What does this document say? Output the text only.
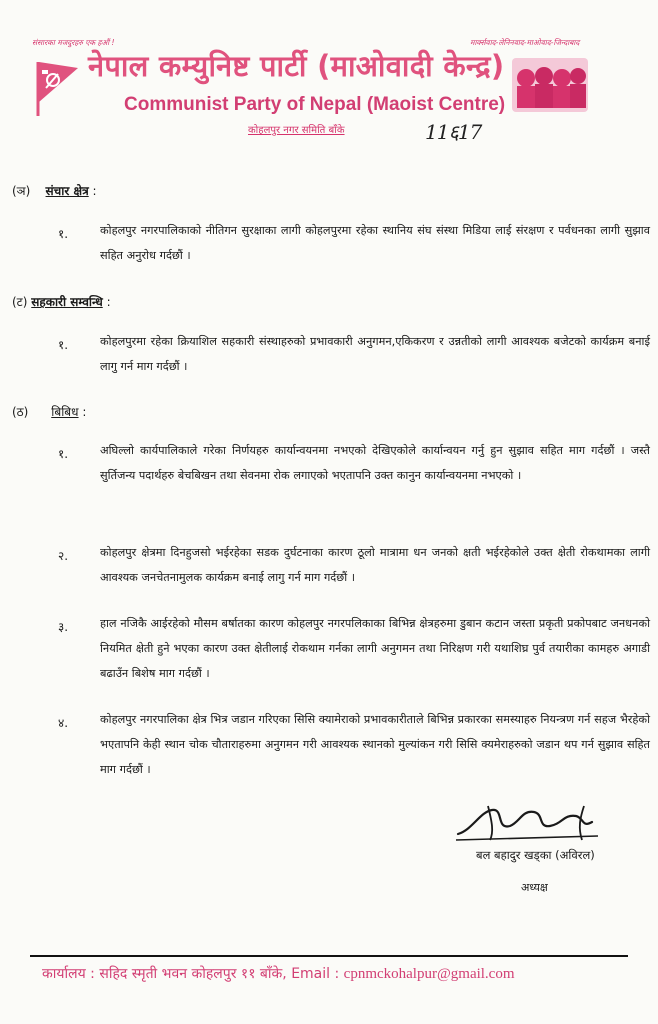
संसारका मजदुरहरु एक हऔं !	मार्क्सवाद-लेनिनवाद-माओवाद-जिन्दाबाद
नेपाल कम्युनिष्ट पार्टी (माओवादी केन्द्र)
Communist Party of Nepal (Maoist Centre)
कोहलपुर नगर समिति बाँके	11६17
(ञ) संचार क्षेत्र :
१.	कोहलपुर नगरपालिकाको नीतिगन सुरक्षाका लागी कोहलपुरमा रहेका स्थानिय संघ संस्था मिडिया लाई संरक्षण र पर्वधनका लागी सुझाव सहित अनुरोध गर्दछौं ।
(ट) सहकारी सम्वन्धि :
१.	कोहलपुरमा रहेका क्रियाशिल सहकारी संस्थाहरुको प्रभावकारी अनुगमन,एकिकरण र उन्नतीको लागी आवश्यक बजेटको कार्यक्रम बनाई लागु गर्न माग गर्दछौं ।
(ठ) बिबिध :
१.	अघिल्लो कार्यपालिकाले गरेका निर्णयहरु कार्यान्वयनमा नभएको देखिएकोले कार्यान्वयन गर्नु हुन सुझाव सहित माग गर्दछौं । जस्तै सुर्तिजन्य पदार्थहरु बेचबिखन तथा सेवनमा रोक लगाएको भएतापनि उक्त कानुन कार्यान्वयनमा नभएको ।
२.	कोहलपुर क्षेत्रमा दिनहुजसो भईरहेका सडक दुर्घटनाका कारण ठूलो मात्रामा धन जनको क्षती भईरहेकोले उक्त क्षेती रोकथामका लागी आवश्यक जनचेतनामुलक कार्यक्रम बनाई लागु गर्न माग गर्दछौं ।
३.	हाल नजिकै आईरहेको मौसम बर्षातका कारण कोहलपुर नगरपलिकाका बिभिन्न क्षेत्रहरुमा डुबान कटान जस्ता प्रकृती प्रकोपबाट जनधनको नियमित क्षेती हुने भएका कारण उक्त क्षेतीलाई रोकथाम गर्नका लागी अनुगमन तथा निरिक्षण गरी यथाशिघ्र पुर्व तयारीका कामहरु अगाडी बढाउँन बिशेष माग गर्दछौं ।
४.	कोहलपुर नगरपालिका क्षेत्र भित्र जडान गरिएका सिसि क्यामेराको प्रभावकारीताले बिभिन्न प्रकारका समस्याहरु नियन्त्रण गर्न सहज भैरहेको भएतापनि केही स्थान चोक चौताराहरुमा अनुगमन गरी आवश्यक स्थानको मुल्यांकन गरी सिसि क्यमेराहरुको जडान थप गर्न सुझाव सहित माग गर्दछौं ।
बल बहादुर खड्का (अविरल)
अध्यक्ष
कार्यालय : सहिद स्मृती भवन कोहलपुर ११ बाँके, Email : cpnmckohalpur@gmail.com
